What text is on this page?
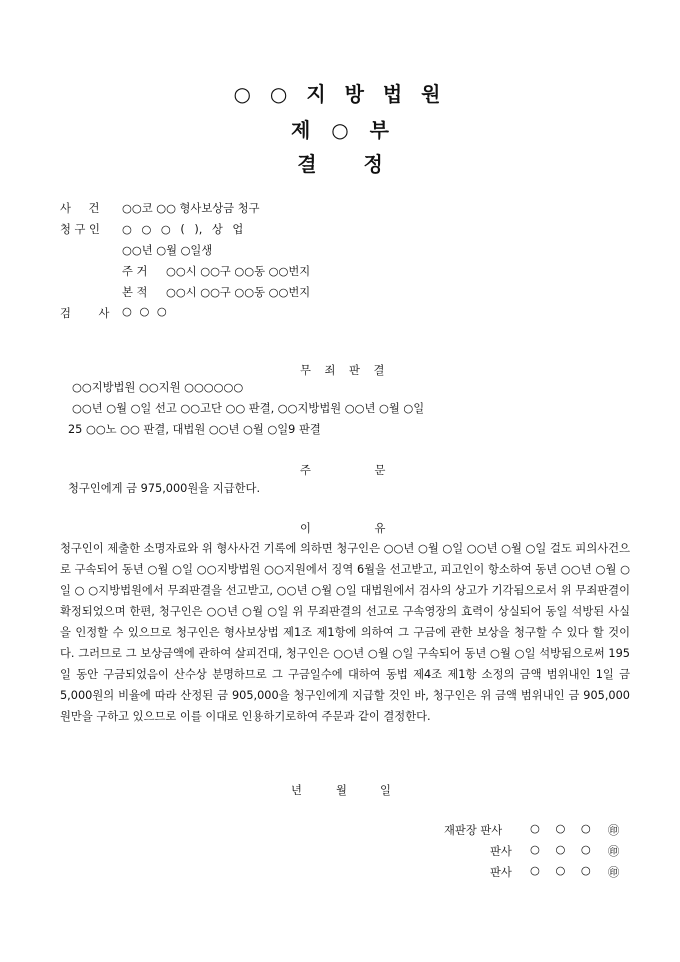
○ ○ 지 방 법 원
제 ○ 부
결 정
사 건 ○○코 ○○ 형사보상금 청구
청 구 인 ○ ○ ○ ( ), 상 업
○○년 ○월 ○일생
주 거 ○○시 ○○구 ○○동 ○○번지
본 적 ○○시 ○○구 ○○동 ○○번지
검 사 ○ ○ ○
무 죄 판 결
○○지방법원 ○○지원 ○○○○○○
○○년 ○월 ○일 선고 ○○고단 ○○ 판결, ○○지방법원 ○○년 ○월 ○일
25 ○○노 ○○ 판결, 대법원 ○○년 ○월 ○일9 판결
주 문
청구인에게 금 975,000원을 지급한다.
이 유
청구인이 제출한 소명자료와 위 형사사건 기록에 의하면 청구인은 ○○년 ○월 ○일 ○○년 ○월 ○일 걸도 피의사건으로 구속되어 동년 ○월 ○일 ○○지방법원 ○○지원에서 징역 6월을 선고받고, 피고인이 항소하여 동년 ○○년 ○월 ○일 ○ ○지방법원에서 무죄판결을 선고받고, ○○년 ○월 ○일 대법원에서 검사의 상고가 기각됨으로서 위 무죄판결이 확정되었으며 한편, 청구인은 ○○년 ○월 ○일 위 무죄판결의 선고로 구속영장의 효력이 상실되어 동일 석방된 사실을 인정할 수 있으므로 청구인은 형사보상법 제1조 제1항에 의하여 그 구금에 관한 보상을 청구할 수 있다 할 것이다. 그러므로 그 보상금액에 관하여 살피건대, 청구인은 ○○년 ○월 ○일 구속되어 동년 ○월 ○일 석방됨으로써 195일 동안 구금되었음이 산수상 분명하므로 그 구금일수에 대하여 동법 제4조 제1항 소정의 금액 범위내인 1일 금 5,000원의 비율에 따라 산정된 금 905,000을 청구인에게 지급할 것인 바, 청구인은 위 금액 범위내인 금 905,000원만을 구하고 있으므로 이를 이대로 인용하기로하여 주문과 같이 결정한다.
년	월	일
재판장 판사 ○ ○ ○ ㊞
판사 ○ ○ ○ ㊞
판사 ○ ○ ○ ㊞
